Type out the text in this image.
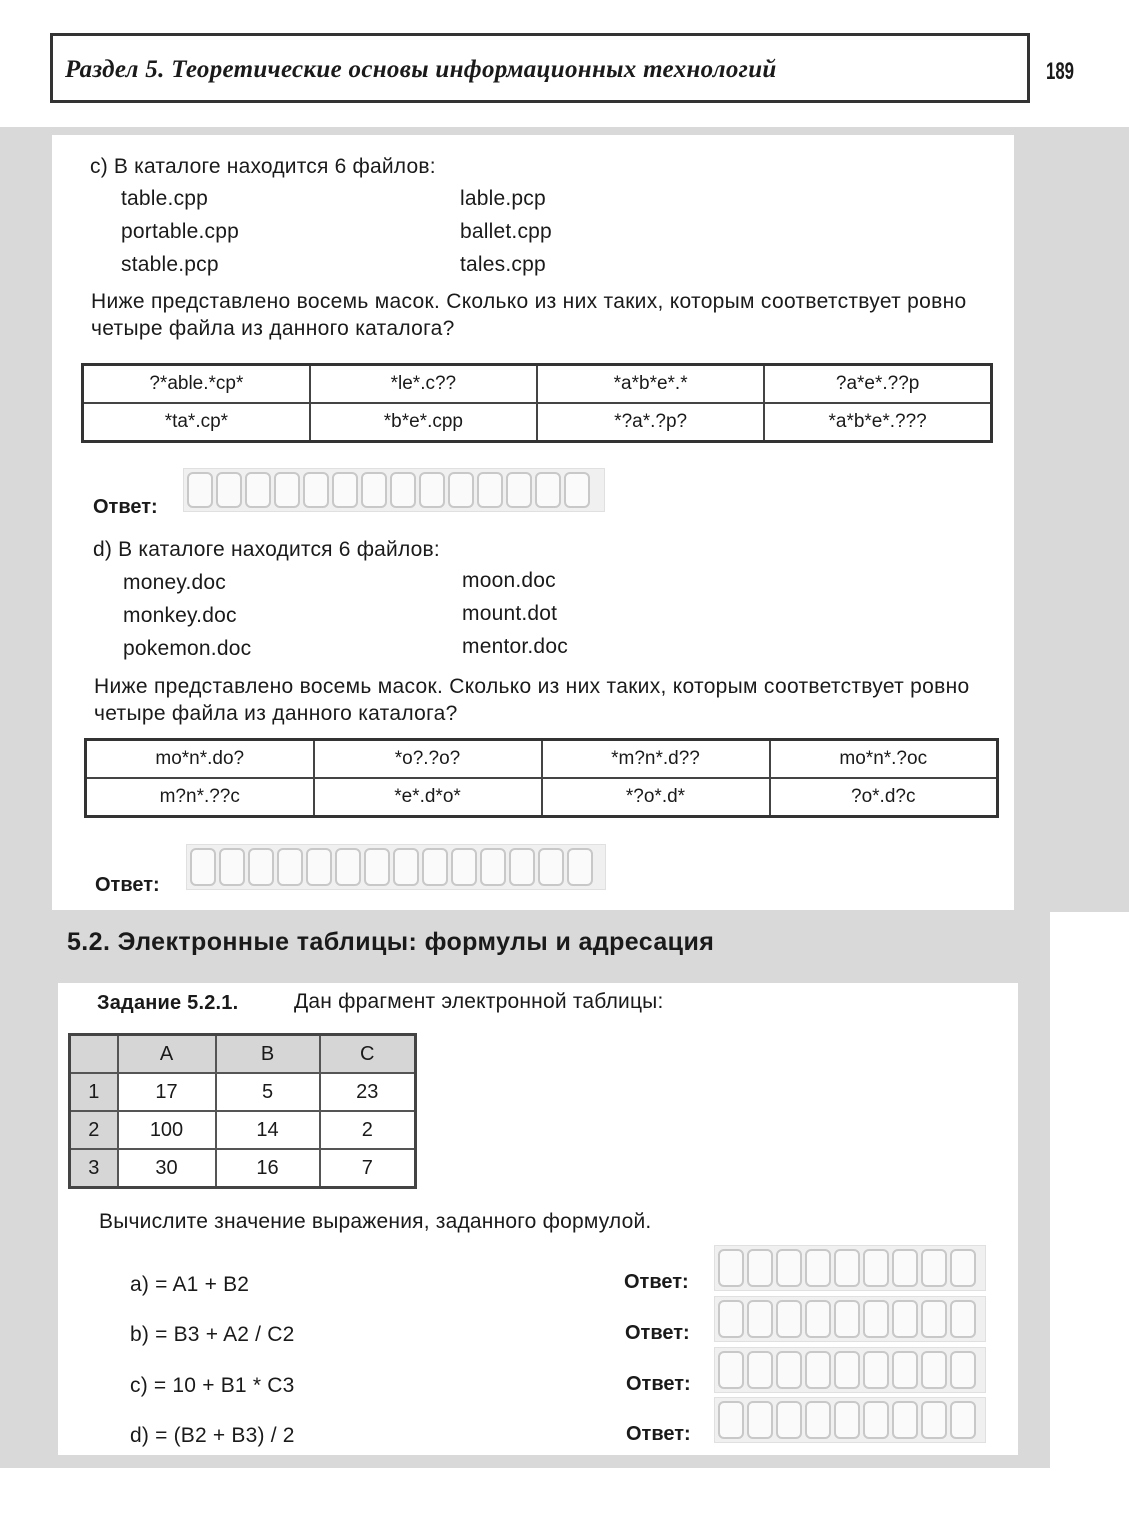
Раздел 5. Теоретические основы информационных технологий	189
c) В каталоге находится 6 файлов:
table.cpp
portable.cpp
stable.pcp
lable.pcp
ballet.cpp
tales.cpp
Ниже представлено восемь масок. Сколько из них таких, которым соответствует ровно четыре файла из данного каталога?
?*able.*cp*	*le*.c??	*a*b*e*.*	?a*e*.??p
*ta*.cp*	*b*e*.cpp	*?a*.?p?	*a*b*e*.???
Ответ:
d) В каталоге находится 6 файлов:
money.doc
monkey.doc
pokemon.doc
moon.doc
mount.dot
mentor.doc
Ниже представлено восемь масок. Сколько из них таких, которым соответствует ровно четыре файла из данного каталога?
mo*n*.do?	*o?.?o?	*m?n*.d??	mo*n*.?oc
m?n*.??c	*e*.d*o*	*?o*.d*	?o*.d?c
Ответ:
5.2. Электронные таблицы: формулы и адресация
Задание 5.2.1.	Дан фрагмент электронной таблицы:
	A	B	C
1	17	5	23
2	100	14	2
3	30	16	7
Вычислите значение выражения, заданного формулой.
a) = A1 + B2	Ответ:
b) = B3 + A2 / C2	Ответ:
c) = 10 + B1 * C3	Ответ:
d) = (B2 + B3) / 2	Ответ:
